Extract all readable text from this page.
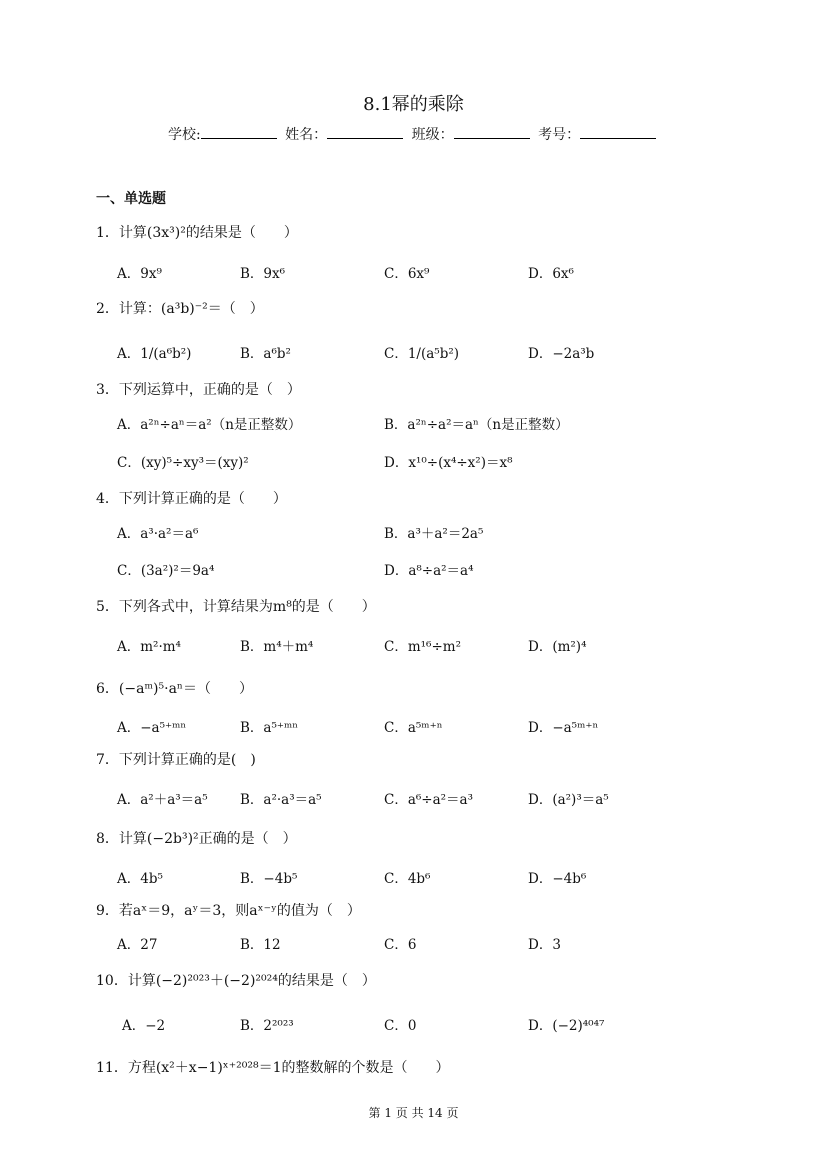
8.1幂的乘除
学校:	姓名：	班级：	考号：
一、单选题
1．计算(3x³)²的结果是（　　）
A．9x⁹	B．9x⁶	C．6x⁹	D．6x⁶
2．计算：(a³b)⁻²＝（　）
A．1/(a⁶b²)	B．a⁶b²	C．1/(a⁵b²)	D．−2a³b
3．下列运算中，正确的是（　）
A．a²ⁿ÷aⁿ＝a²（n是正整数）	B．a²ⁿ÷a²＝aⁿ（n是正整数）
C．(xy)⁵÷xy³＝(xy)²	D．x¹⁰÷(x⁴÷x²)＝x⁸
4．下列计算正确的是（　　）
A．a³·a²＝a⁶	B．a³＋a²＝2a⁵
C．(3a²)²＝9a⁴	D．a⁸÷a²＝a⁴
5．下列各式中，计算结果为m⁸的是（　　）
A．m²·m⁴	B．m⁴＋m⁴	C．m¹⁶÷m²	D．(m²)⁴
6．(−aᵐ)⁵·aⁿ＝（　　）
A．−a⁵⁺ᵐⁿ	B．a⁵⁺ᵐⁿ	C．a⁵ᵐ⁺ⁿ	D．−a⁵ᵐ⁺ⁿ
7．下列计算正确的是(　)
A．a²＋a³＝a⁵ B．a²·a³＝a⁵	C．a⁶÷a²＝a³	D．(a²)³＝a⁵
8．计算(−2b³)²正确的是（　）
A．4b⁵	B．−4b⁵	C．4b⁶	D．−4b⁶
9．若aˣ＝9，aʸ＝3，则aˣ⁻ʸ的值为（　）
A．27	B．12	C．6	D．3
10．计算(−2)²⁰²³＋(−2)²⁰²⁴的结果是（　）
A．−2	B．2²⁰²³	C．0	D．(−2)⁴⁰⁴⁷
11．方程(x²＋x−1)ˣ⁺²⁰²⁸＝1的整数解的个数是（　　）
第 1 页 共 14 页
